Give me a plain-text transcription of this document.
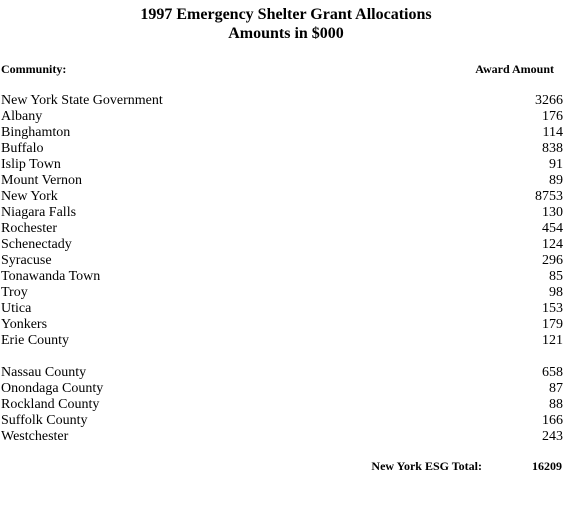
1997 Emergency Shelter Grant Allocations
Amounts in $000
Community:	Award Amount
New York State Government	3266
Albany	176
Binghamton	114
Buffalo	838
Islip Town	91
Mount Vernon	89
New York	8753
Niagara Falls	130
Rochester	454
Schenectady	124
Syracuse	296
Tonawanda Town	85
Troy	98
Utica	153
Yonkers	179
Erie County	121
Nassau County	658
Onondaga County	87
Rockland County	88
Suffolk County	166
Westchester	243
New York ESG Total:	16209
